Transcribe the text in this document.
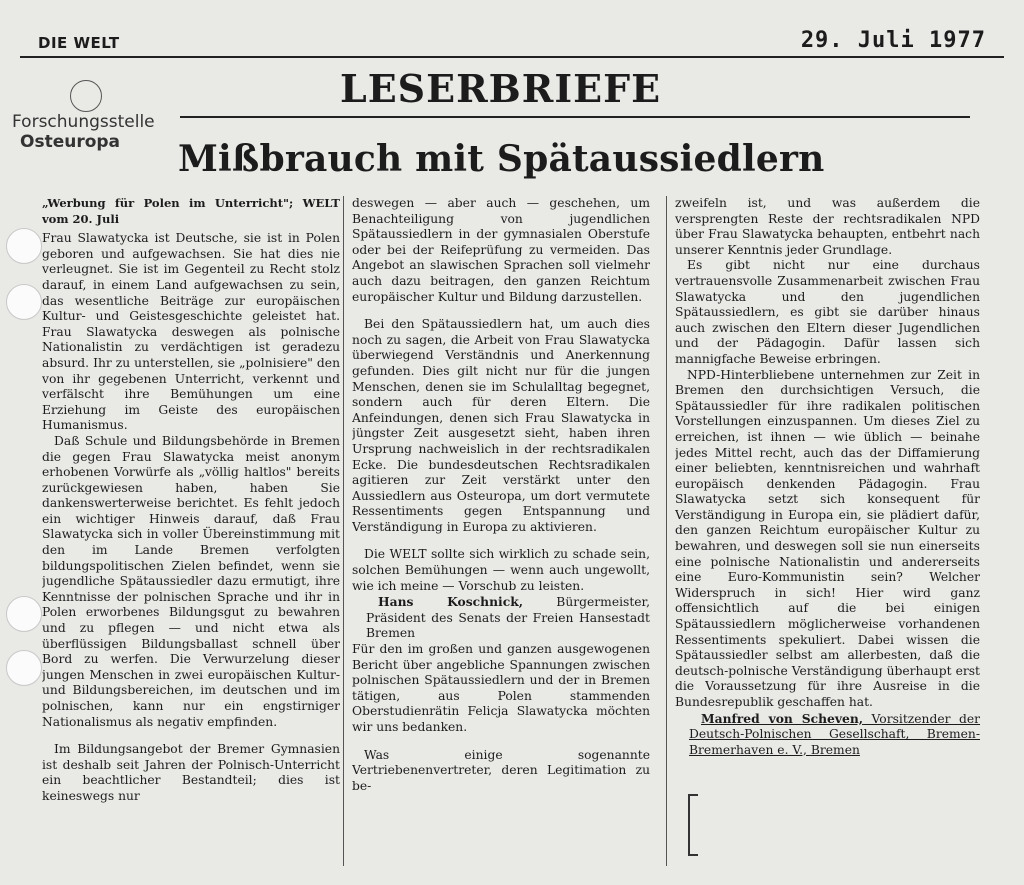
DIE WELT	29. Juli 1977
Forschungsstelle
Osteuropa
LESERBRIEFE
Mißbrauch mit Spätaussiedlern

„Werbung für Polen im Unterricht"; WELT vom 20. Juli

Frau Slawatycka ist Deutsche, sie ist in Polen geboren und aufgewachsen. Sie hat dies nie verleugnet. Sie ist im Gegenteil zu Recht stolz darauf, in einem Land aufgewachsen zu sein, das wesentliche Beiträge zur europäischen Kultur- und Geistesgeschichte geleistet hat. Frau Slawatycka deswegen als polnische Nationalistin zu verdächtigen ist geradezu absurd. Ihr zu unterstellen, sie „polnisiere" den von ihr gegebenen Unterricht, verkennt und verfälscht ihre Bemühungen um eine Erziehung im Geiste des europäischen Humanismus.

Daß Schule und Bildungsbehörde in Bremen die gegen Frau Slawatycka meist anonym erhobenen Vorwürfe als „völlig haltlos" bereits zurückgewiesen haben, haben Sie dankenswerterweise berichtet. Es fehlt jedoch ein wichtiger Hinweis darauf, daß Frau Slawatycka sich in voller Übereinstimmung mit den im Lande Bremen verfolgten bildungspolitischen Zielen befindet, wenn sie jugendliche Spätaussiedler dazu ermutigt, ihre Kenntnisse der polnischen Sprache und ihr in Polen erworbenes Bildungsgut zu bewahren und zu pflegen — und nicht etwa als überflüssigen Bildungsballast schnell über Bord zu werfen. Die Verwurzelung dieser jungen Menschen in zwei europäischen Kultur- und Bildungsbereichen, im deutschen und im polnischen, kann nur ein engstirniger Nationalismus als negativ empfinden.

Im Bildungsangebot der Bremer Gymnasien ist deshalb seit Jahren der Polnisch-Unterricht ein beachtlicher Bestandteil; dies ist keineswegs nur

deswegen — aber auch — geschehen, um Benachteiligung von jugendlichen Spätaussiedlern in der gymnasialen Oberstufe oder bei der Reifeprüfung zu vermeiden. Das Angebot an slawischen Sprachen soll vielmehr auch dazu beitragen, den ganzen Reichtum europäischer Kultur und Bildung darzustellen.

Bei den Spätaussiedlern hat, um auch dies noch zu sagen, die Arbeit von Frau Slawatycka überwiegend Verständnis und Anerkennung gefunden. Dies gilt nicht nur für die jungen Menschen, denen sie im Schulalltag begegnet, sondern auch für deren Eltern. Die Anfeindungen, denen sich Frau Slawatycka in jüngster Zeit ausgesetzt sieht, haben ihren Ursprung nachweislich in der rechtsradikalen Ecke. Die bundesdeutschen Rechtsradikalen agitieren zur Zeit verstärkt unter den Aussiedlern aus Osteuropa, um dort vermutete Ressentiments gegen Entspannung und Verständigung in Europa zu aktivieren.

Die WELT sollte sich wirklich zu schade sein, solchen Bemühungen — wenn auch ungewollt, wie ich meine — Vorschub zu leisten.

Hans Koschnick, Bürgermeister, Präsident des Senats der Freien Hansestadt Bremen

Für den im großen und ganzen ausgewogenen Bericht über angebliche Spannungen zwischen polnischen Spätaussiedlern und der in Bremen tätigen, aus Polen stammenden Oberstudienrätin Felicja Slawatycka möchten wir uns bedanken.

Was einige sogenannte Vertriebenenvertreter, deren Legitimation zu be-

zweifeln ist, und was außerdem die versprengten Reste der rechtsradikalen NPD über Frau Slawatycka behaupten, entbehrt nach unserer Kenntnis jeder Grundlage.

Es gibt nicht nur eine durchaus vertrauensvolle Zusammenarbeit zwischen Frau Slawatycka und den jugendlichen Spätaussiedlern, es gibt sie darüber hinaus auch zwischen den Eltern dieser Jugendlichen und der Pädagogin. Dafür lassen sich mannigfache Beweise erbringen.

NPD-Hinterbliebene unternehmen zur Zeit in Bremen den durchsichtigen Versuch, die Spätaussiedler für ihre radikalen politischen Vorstellungen einzuspannen. Um dieses Ziel zu erreichen, ist ihnen — wie üblich — beinahe jedes Mittel recht, auch das der Diffamierung einer beliebten, kenntnisreichen und wahrhaft europäisch denkenden Pädagogin. Frau Slawatycka setzt sich konsequent für Verständigung in Europa ein, sie plädiert dafür, den ganzen Reichtum europäischer Kultur zu bewahren, und deswegen soll sie nun einerseits eine polnische Nationalistin und andererseits eine Euro-Kommunistin sein? Welcher Widerspruch in sich! Hier wird ganz offensichtlich auf die bei einigen Spätaussiedlern möglicherweise vorhandenen Ressentiments spekuliert. Dabei wissen die Spätaussiedler selbst am allerbesten, daß die deutsch-polnische Verständigung überhaupt erst die Voraussetzung für ihre Ausreise in die Bundesrepublik geschaffen hat.

Manfred von Scheven, Vorsitzender der Deutsch-Polnischen Gesellschaft, Bremen-Bremerhaven e. V., Bremen
